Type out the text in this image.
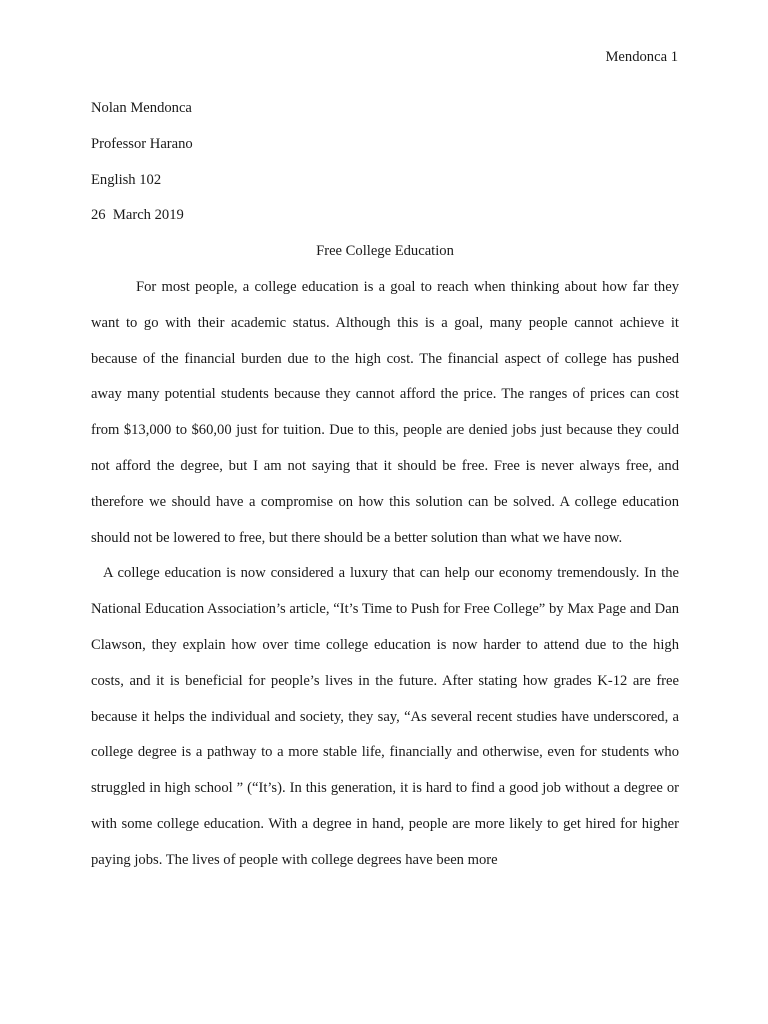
Mendonca 1

Nolan Mendonca

Professor Harano

English 102

26  March 2019

Free College Education

For most people, a college education is a goal to reach when thinking about how far they want to go with their academic status. Although this is a goal, many people cannot achieve it because of the financial burden due to the high cost. The financial aspect of college has pushed away many potential students because they cannot afford the price. The ranges of prices can cost from $13,000 to $60,00 just for tuition. Due to this, people are denied jobs just because they could not afford the degree, but I am not saying that it should be free. Free is never always free, and therefore we should have a compromise on how this solution can be solved. A college education should not be lowered to free, but there should be a better solution than what we have now.

A college education is now considered a luxury that can help our economy tremendously. In the National Education Association’s article, “It’s Time to Push for Free College” by Max Page and Dan Clawson, they explain how over time college education is now harder to attend due to the high costs, and it is beneficial for people’s lives in the future. After stating how grades K-12 are free because it helps the individual and society, they say, “As several recent studies have underscored, a college degree is a pathway to a more stable life, financially and otherwise, even for students who struggled in high school ” (“It’s). In this generation, it is hard to find a good job without a degree or with some college education. With a degree in hand, people are more likely to get hired for higher paying jobs. The lives of people with college degrees have been more
